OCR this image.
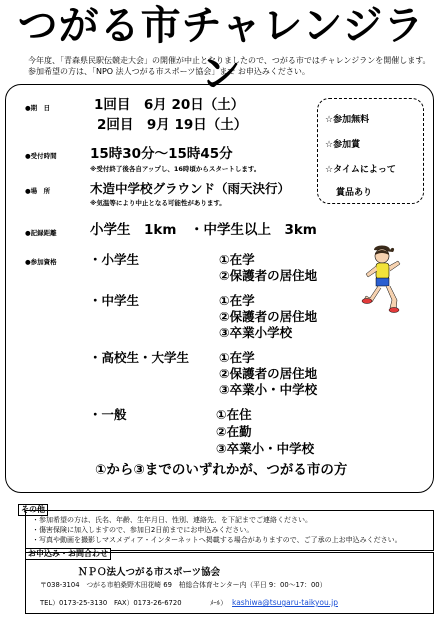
つがる市チャレンジラン
今年度、「青森県民駅伝競走大会」の開催が中止となりましたので、つがる市ではチャレンジランを開催します。
参加希望の方は、「NPO 法人つがる市スポーツ協会」まで お申込みください。
●期　日	1回目　6月 20日（土）
2回目　9月 19日（土）	☆参加無料
☆参加賞
☆タイムによって
賞品あり
●受付時間 15時30分～15時45分
※受付終了後各自アップし、16時頃からスタートします。
●場　所	木造中学校グラウンド（雨天決行）
※気温等により中止となる可能性があります。
●記録距離 小学生　1km　・中学生以上　3km
●参加資格	・小学生	①在学
②保護者の居住地
・中学生	①在学
②保護者の居住地
③卒業小学校
・高校生・大学生 ①在学
②保護者の居住地
③卒業小・中学校
・一般	①在住
②在勤
③卒業小・中学校
①から③までのいずれかが、つがる市の方
その他
・参加希望の方は、氏名、年齢、生年月日、性別、連絡先、を下記までご連絡ください。
・傷害保険に加入しますので、参加日2日前までにお申込みください。
・写真や動画を撮影しマスメディア・インターネットへ掲載する場合がありますので、ご了承の上お申込みください。
お申込み・お問合わせ
ＮＰＯ法人つがる市スポーツ協会
〒038-3104　つがる市柏桑野木田花崎 69　柏総合体育センター内（平日 9：00～17：00）
TEL）0173-25-3130　FAX）0173-26-6720	ﾒｰﾙ） kashiwa@tsugaru-taikyou.jp
